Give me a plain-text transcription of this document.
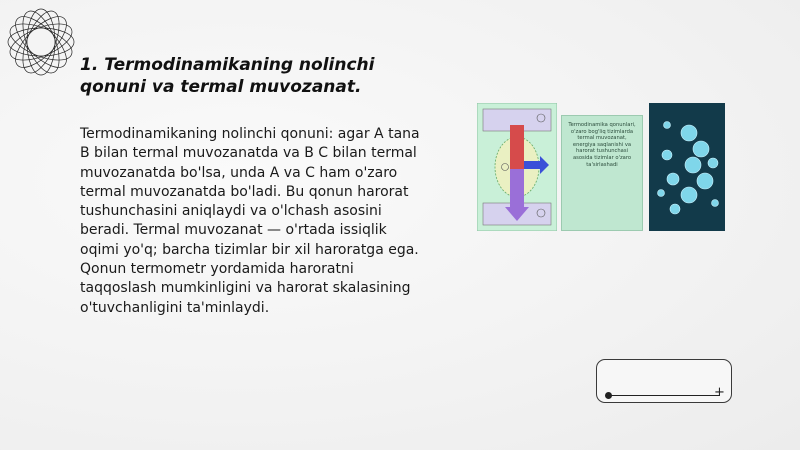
1. Termodinamikaning nolinchi qonuni va termal muvozanat.

Termodinamikaning nolinchi qonuni: agar A tana B bilan termal muvozanatda va B C bilan termal muvozanatda bo'lsa, unda A va C ham o'zaro termal muvozanatda bo'ladi. Bu qonun harorat tushunchasini aniqlaydi va o'lchash asosini beradi. Termal muvozanat — o'rtada issiqlik oqimi yo'q; barcha tizimlar bir xil haroratga ega. Qonun termometr yordamida haroratni taqqoslash mumkinligini va harorat skalasining o'tuvchanligini ta'minlaydi.

Termodinamika qonunlari, o'zaro bog'liq tizimlarda termal muvozanat, energiya saqlanishi va harorat tushunchasi asosida tizimlar o'zaro ta'sirlashadi
+
